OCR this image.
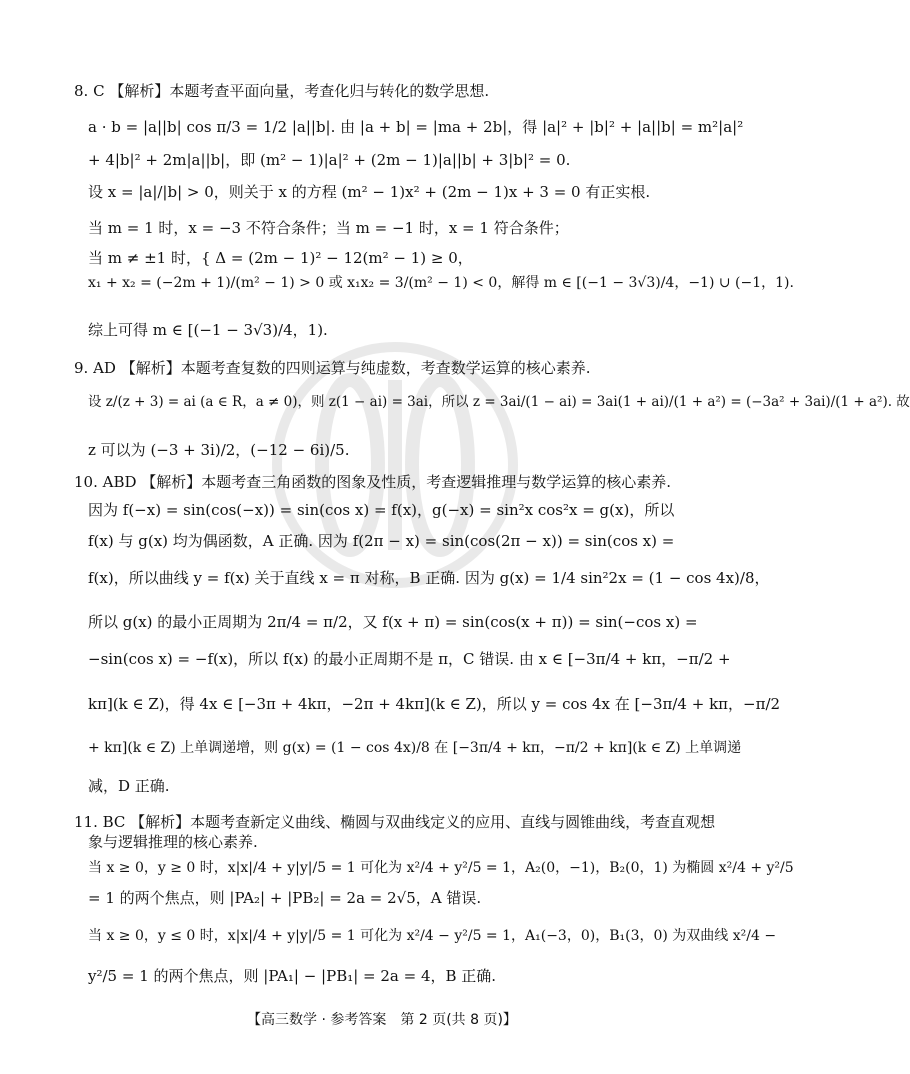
8. C 【解析】本题考查平面向量，考查化归与转化的数学思想.
a · b = |a||b| cos π/3 = 1/2 |a||b|. 由 |a + b| = |ma + 2b|，得 |a|² + |b|² + |a||b| = m²|a|²
+ 4|b|² + 2m|a||b|，即 (m² − 1)|a|² + (2m − 1)|a||b| + 3|b|² = 0.
设 x = |a|/|b| > 0，则关于 x 的方程 (m² − 1)x² + (2m − 1)x + 3 = 0 有正实根.
当 m = 1 时，x = −3 不符合条件；当 m = −1 时，x = 1 符合条件；
当 m ≠ ±1 时，{ Δ = (2m − 1)² − 12(m² − 1) ≥ 0，
x₁ + x₂ = (−2m + 1)/(m² − 1) > 0 或 x₁x₂ = 3/(m² − 1) < 0，解得 m ∈ [(−1 − 3√3)/4，−1) ∪ (−1，1).
综上可得 m ∈ [(−1 − 3√3)/4，1).
9. AD 【解析】本题考查复数的四则运算与纯虚数，考查数学运算的核心素养.
设 z/(z + 3) = ai (a ∈ R，a ≠ 0)，则 z(1 − ai) = 3ai，所以 z = 3ai/(1 − ai) = 3ai(1 + ai)/(1 + a²) = (−3a² + 3ai)/(1 + a²). 故
z 可以为 (−3 + 3i)/2，(−12 − 6i)/5.
10. ABD 【解析】本题考查三角函数的图象及性质，考查逻辑推理与数学运算的核心素养.
因为 f(−x) = sin(cos(−x)) = sin(cos x) = f(x)，g(−x) = sin²x cos²x = g(x)，所以
f(x) 与 g(x) 均为偶函数，A 正确. 因为 f(2π − x) = sin(cos(2π − x)) = sin(cos x) =
f(x)，所以曲线 y = f(x) 关于直线 x = π 对称，B 正确. 因为 g(x) = 1/4 sin²2x = (1 − cos 4x)/8，
所以 g(x) 的最小正周期为 2π/4 = π/2，又 f(x + π) = sin(cos(x + π)) = sin(−cos x) =
−sin(cos x) = −f(x)，所以 f(x) 的最小正周期不是 π，C 错误. 由 x ∈ [−3π/4 + kπ，−π/2 +
kπ](k ∈ Z)，得 4x ∈ [−3π + 4kπ，−2π + 4kπ](k ∈ Z)，所以 y = cos 4x 在 [−3π/4 + kπ，−π/2
+ kπ](k ∈ Z) 上单调递增，则 g(x) = (1 − cos 4x)/8 在 [−3π/4 + kπ，−π/2 + kπ](k ∈ Z) 上单调递
减，D 正确.
11. BC 【解析】本题考查新定义曲线、椭圆与双曲线定义的应用、直线与圆锥曲线，考查直观想
象与逻辑推理的核心素养.
当 x ≥ 0，y ≥ 0 时，x|x|/4 + y|y|/5 = 1 可化为 x²/4 + y²/5 = 1，A₂(0，−1)，B₂(0，1) 为椭圆 x²/4 + y²/5
= 1 的两个焦点，则 |PA₂| + |PB₂| = 2a = 2√5，A 错误.
当 x ≥ 0，y ≤ 0 时，x|x|/4 + y|y|/5 = 1 可化为 x²/4 − y²/5 = 1，A₁(−3，0)，B₁(3，0) 为双曲线 x²/4 −
y²/5 = 1 的两个焦点，则 |PA₁| − |PB₁| = 2a = 4，B 正确.
【高三数学 · 参考答案　第 2 页(共 8 页)】
